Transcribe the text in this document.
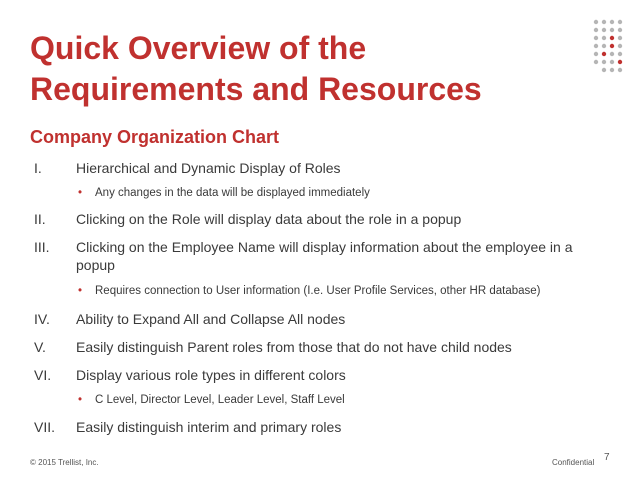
Quick Overview of the
Requirements and Resources
Company Organization Chart
I.	Hierarchical and Dynamic Display of Roles
• Any changes in the data will be displayed immediately
II.	Clicking on the Role will display data about the role in a popup
III.	Clicking on the Employee Name will display information about the employee in a
popup
• Requires connection to User information (I.e. User Profile Services, other HR database)
IV.	Ability to Expand All and Collapse All nodes
V.	Easily distinguish Parent roles from those that do not have child nodes
VI.	Display various role types in different colors
• C Level, Director Level, Leader Level, Staff Level
VII.	Easily distinguish interim and primary roles
© 2015 Trellist, Inc.	Confidential 7
